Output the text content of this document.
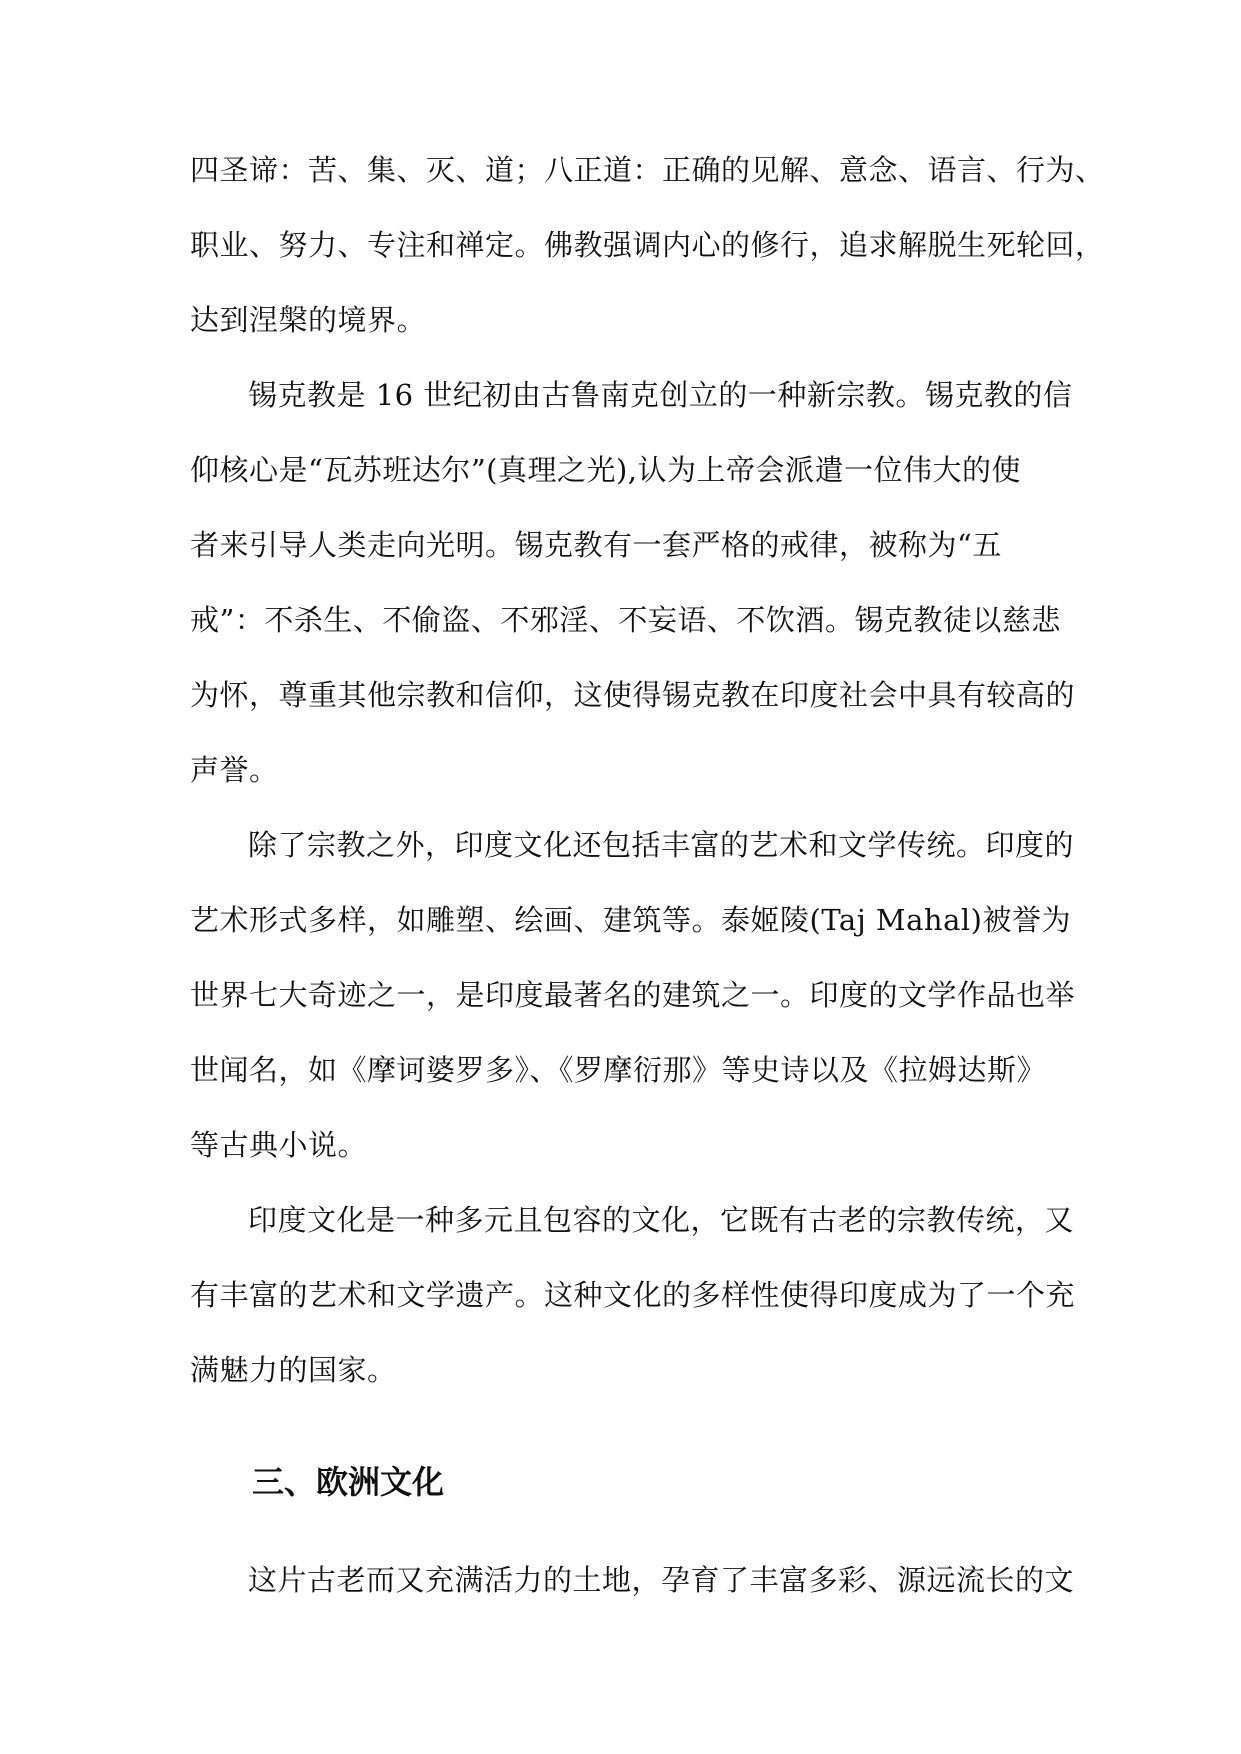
四圣谛：苦、集、灭、道；八正道：正确的见解、意念、语言、行为、
职业、努力、专注和禅定。佛教强调内心的修行，追求解脱生死轮回，
达到涅槃的境界。
锡克教是 16 世纪初由古鲁南克创立的一种新宗教。锡克教的信
仰核心是“瓦苏班达尔”(真理之光),认为上帝会派遣一位伟大的使
者来引导人类走向光明。锡克教有一套严格的戒律，被称为“五
戒”：不杀生、不偷盗、不邪淫、不妄语、不饮酒。锡克教徒以慈悲
为怀，尊重其他宗教和信仰，这使得锡克教在印度社会中具有较高的
声誉。
除了宗教之外，印度文化还包括丰富的艺术和文学传统。印度的
艺术形式多样，如雕塑、绘画、建筑等。泰姬陵(Taj Mahal)被誉为
世界七大奇迹之一，是印度最著名的建筑之一。印度的文学作品也举
世闻名，如《摩诃婆罗多》、《罗摩衍那》等史诗以及《拉姆达斯》
等古典小说。
印度文化是一种多元且包容的文化，它既有古老的宗教传统，又
有丰富的艺术和文学遗产。这种文化的多样性使得印度成为了一个充
满魅力的国家。
三、欧洲文化
这片古老而又充满活力的土地，孕育了丰富多彩、源远流长的文
